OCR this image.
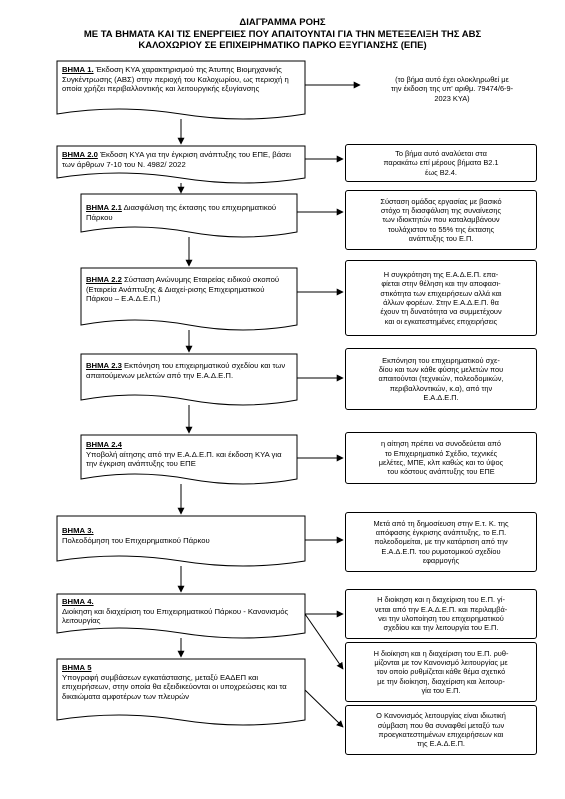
ΔΙΑΓΡΑΜΜΑ ΡΟΗΣ
ΜΕ ΤΑ ΒΗΜΑΤΑ ΚΑΙ ΤΙΣ ΕΝΕΡΓΕΙΕΣ ΠΟΥ ΑΠΑΙΤΟΥΝΤΑΙ ΓΙΑ ΤΗΝ ΜΕΤΕΞΕΛΙΞΗ ΤΗΣ ΑΒΣ
ΚΑΛΟΧΩΡΙΟΥ ΣΕ ΕΠΙΧΕΙΡΗΜΑΤΙΚΟ ΠΑΡΚΟ ΕΞΥΓΙΑΝΣΗΣ (ΕΠΕ)
ΒΗΜΑ 1. Έκδοση ΚΥΑ χαρακτηρισμού της Άτυπης Βιομηχανικής Συγκέντρωσης (ΑΒΣ) στην περιοχή του Καλοχωρίου, ως περιοχή η οποία χρήζει περιβαλλοντικής και λειτουργικής εξυγίανσης
ΒΗΜΑ 2.0 Έκδοση ΚΥΑ για την έγκριση ανάπτυξης του ΕΠΕ, βάσει των άρθρων 7-10 του Ν. 4982/ 2022
ΒΗΜΑ 2.1 Διασφάλιση της έκτασης του επιχειρηματικού Πάρκου
ΒΗΜΑ 2.2 Σύσταση Ανώνυμης Εταιρείας ειδικού σκοπού (Εταιρεία Ανάπτυξης & Διαχεί-ρισης Επιχειρηματικού Πάρκου – Ε.Α.Δ.Ε.Π.)
ΒΗΜΑ 2.3 Εκπόνηση του επιχειρηματικού σχεδίου και των απαιτούμενων μελετών από την Ε.Α.Δ.Ε.Π.
ΒΗΜΑ 2.4
Υποβολή αίτησης από την Ε.Α.Δ.Ε.Π. και έκδοση ΚΥΑ για την έγκριση ανάπτυξης του ΕΠΕ
ΒΗΜΑ 3.
Πολεοδόμηση του Επιχειρηματικού Πάρκου
ΒΗΜΑ 4.
Διοίκηση και διαχείριση του Επιχειρηματικού Πάρκου - Κανονισμός λειτουργίας
ΒΗΜΑ 5
Υπογραφή συμβάσεων εγκατάστασης, μεταξύ ΕΑΔΕΠ και επιχειρήσεων, στην οποία θα εξειδικεύονται οι υποχρεώσεις και τα δικαιώματα αμφοτέρων των πλευρών
(το βήμα αυτό έχει ολοκληρωθεί με
την έκδοση της υπ' αριθμ. 79474/6-9-
2023 ΚΥΑ)
Το βήμα αυτό αναλύεται στα
παρακάτω επί μέρους βήματα Β2.1
έως Β2.4.
Σύσταση ομάδας εργασίας με βασικό
στόχο τη διασφάλιση της συναίνεσης
των ιδιοκτητών που καταλαμβάνουν
τουλάχιστον το 55% της έκτασης
ανάπτυξης του Ε.Π.
Η συγκρότηση της Ε.Α.Δ.Ε.Π. επα-
φίεται στην θέληση και την αποφασι-
στικότητα των επιχειρήσεων αλλά και
άλλων φορέων. Στην Ε.Α.Δ.Ε.Π. θα
έχουν τη δυνατότητα να συμμετέχουν
και οι εγκατεστημένες επιχειρήσεις
Εκπόνηση του επιχειρηματικού σχε-
δίου και των κάθε φύσης μελετών που
απαιτούνται (τεχνικών, πολεοδομικών,
περιβαλλοντικών, κ.α), από την
Ε.Α.Δ.Ε.Π.
η αίτηση πρέπει να συνοδεύεται από
το Επιχειρηματικό Σχέδιο, τεχνικές
μελέτες, ΜΠΕ, κλπ καθώς και το ύψος
του κόστους ανάπτυξης του ΕΠΕ
Μετά από τη δημοσίευση στην Ε.τ. Κ. της
απόφασης έγκρισης ανάπτυξης, το Ε.Π.
πολεοδομείται, με την κατάρτιση από την
Ε.Α.Δ.Ε.Π. του ρυμοτομικού σχεδίου
εφαρμογής
Η διοίκηση και η διαχείριση του Ε.Π. γί-
νεται από την Ε.Α.Δ.Ε.Π. και περιλαμβά-
νει την υλοποίηση του επιχειρηματικού
σχεδίου και την λειτουργία του Ε.Π.
Η διοίκηση και η διαχείριση του Ε.Π. ρυθ-
μίζονται με τον Κανονισμό λειτουργίας με
τον οποίο ρυθμίζεται κάθε θέμα σχετικό
με την διοίκηση, διαχείριση και λειτουρ-
γία του Ε.Π.
Ο Κανονισμός λειτουργίας είναι ιδιωτική
σύμβαση που θα συναφθεί μεταξύ των
προεγκατεστημένων επιχειρήσεων και
της Ε.Α.Δ.Ε.Π.
